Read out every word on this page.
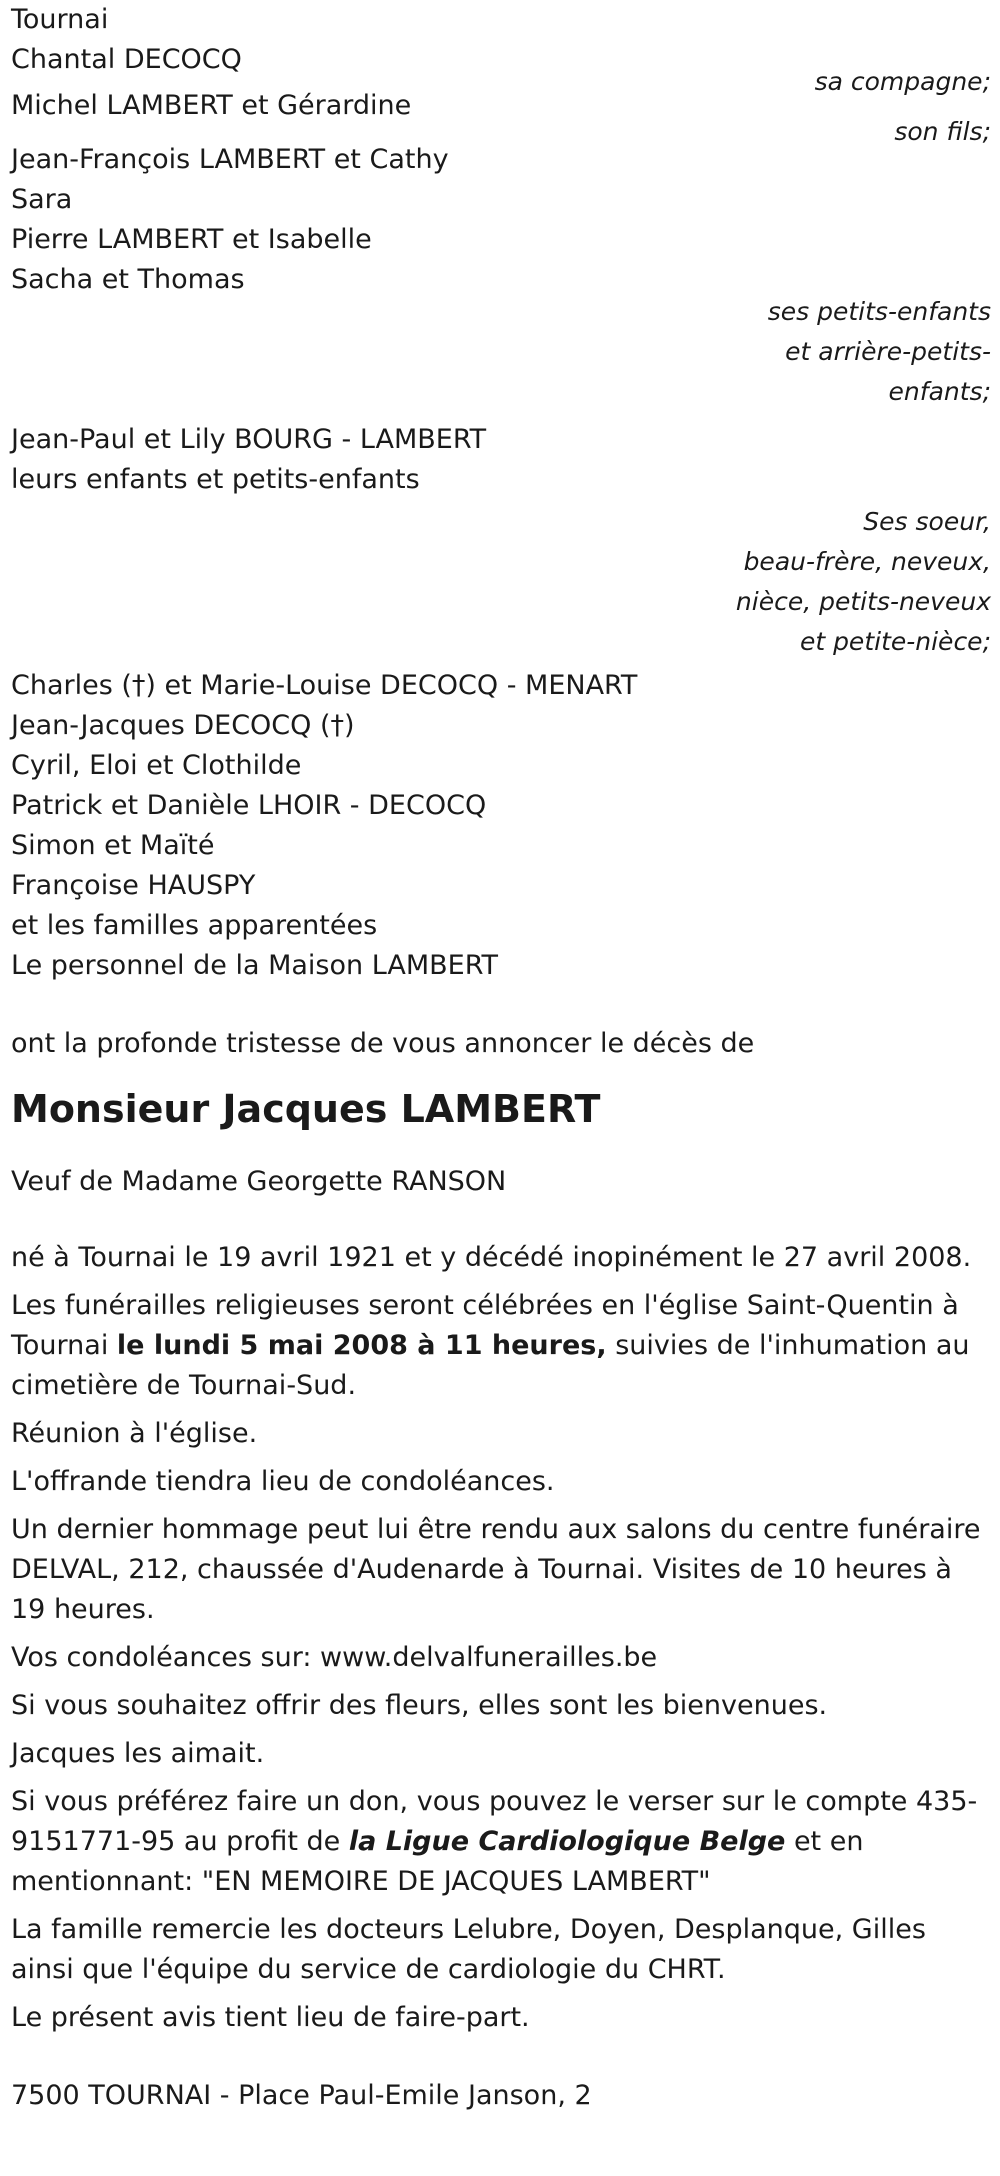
Tournai
Chantal DECOCQ
sa compagne;
Michel LAMBERT et Gérardine
son fils;
Jean-François LAMBERT et Cathy
Sara
Pierre LAMBERT et Isabelle
Sacha et Thomas
ses petits-enfants
et arrière-petits-
enfants;
Jean-Paul et Lily BOURG - LAMBERT
leurs enfants et petits-enfants
Ses soeur,
beau-frère, neveux,
nièce, petits-neveux
et petite-nièce;
Charles (†) et Marie-Louise DECOCQ - MENART
Jean-Jacques DECOCQ (†)
Cyril, Eloi et Clothilde
Patrick et Danièle LHOIR - DECOCQ
Simon et Maïté
Françoise HAUSPY
et les familles apparentées
Le personnel de la Maison LAMBERT
ont la profonde tristesse de vous annoncer le décès de
Monsieur Jacques LAMBERT
Veuf de Madame Georgette RANSON
né à Tournai le 19 avril 1921 et y décédé inopinément le 27 avril 2008.
Les funérailles religieuses seront célébrées en l'église Saint-Quentin à Tournai le lundi 5 mai 2008 à 11 heures, suivies de l'inhumation au cimetière de Tournai-Sud.
Réunion à l'église.
L'offrande tiendra lieu de condoléances.
Un dernier hommage peut lui être rendu aux salons du centre funéraire DELVAL, 212, chaussée d'Audenarde à Tournai. Visites de 10 heures à 19 heures.
Vos condoléances sur: www.delvalfunerailles.be
Si vous souhaitez offrir des fleurs, elles sont les bienvenues.
Jacques les aimait.
Si vous préférez faire un don, vous pouvez le verser sur le compte 435-9151771-95 au profit de la Ligue Cardiologique Belge et en mentionnant: "EN MEMOIRE DE JACQUES LAMBERT"
La famille remercie les docteurs Lelubre, Doyen, Desplanque, Gilles ainsi que l'équipe du service de cardiologie du CHRT.
Le présent avis tient lieu de faire-part.
7500 TOURNAI - Place Paul-Emile Janson, 2
